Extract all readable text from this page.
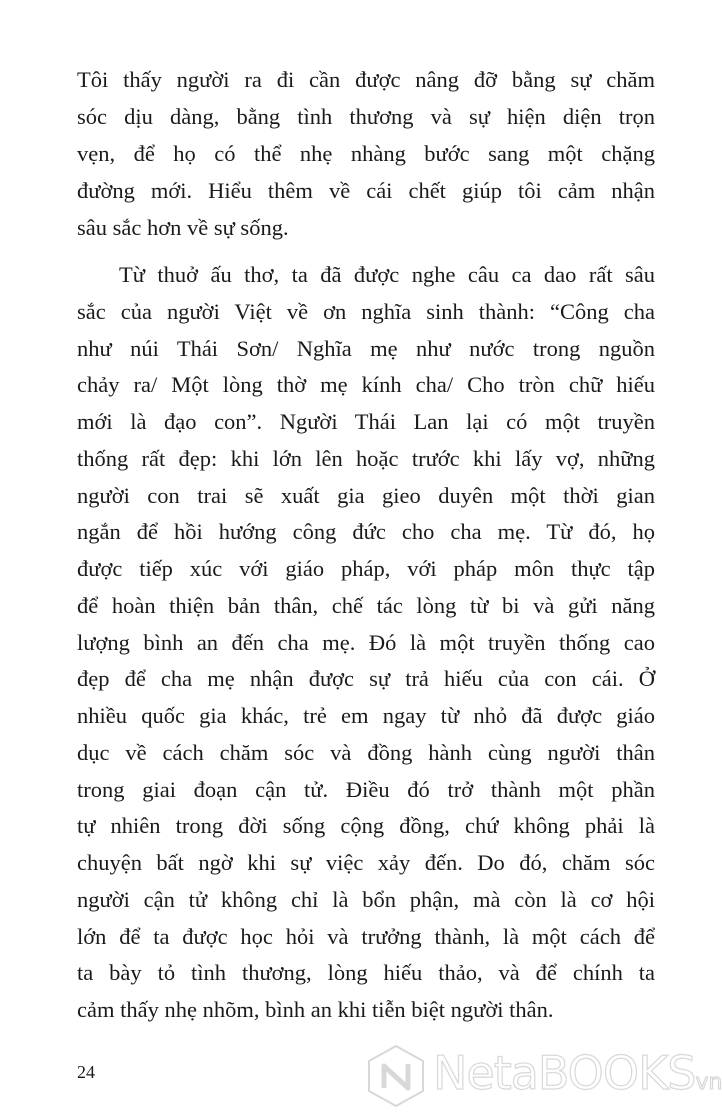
Tôi thấy người ra đi cần được nâng đỡ bằng sự chăm
sóc dịu dàng, bằng tình thương và sự hiện diện trọn
vẹn, để họ có thể nhẹ nhàng bước sang một chặng
đường mới. Hiểu thêm về cái chết giúp tôi cảm nhận
sâu sắc hơn về sự sống.
Từ thuở ấu thơ, ta đã được nghe câu ca dao rất sâu
sắc của người Việt về ơn nghĩa sinh thành: “Công cha
như núi Thái Sơn/ Nghĩa mẹ như nước trong nguồn
chảy ra/ Một lòng thờ mẹ kính cha/ Cho tròn chữ hiếu
mới là đạo con”. Người Thái Lan lại có một truyền
thống rất đẹp: khi lớn lên hoặc trước khi lấy vợ, những
người con trai sẽ xuất gia gieo duyên một thời gian
ngắn để hồi hướng công đức cho cha mẹ. Từ đó, họ
được tiếp xúc với giáo pháp, với pháp môn thực tập
để hoàn thiện bản thân, chế tác lòng từ bi và gửi năng
lượng bình an đến cha mẹ. Đó là một truyền thống cao
đẹp để cha mẹ nhận được sự trả hiếu của con cái. Ở
nhiều quốc gia khác, trẻ em ngay từ nhỏ đã được giáo
dục về cách chăm sóc và đồng hành cùng người thân
trong giai đoạn cận tử. Điều đó trở thành một phần
tự nhiên trong đời sống cộng đồng, chứ không phải là
chuyện bất ngờ khi sự việc xảy đến. Do đó, chăm sóc
người cận tử không chỉ là bổn phận, mà còn là cơ hội
lớn để ta được học hỏi và trưởng thành, là một cách để
ta bày tỏ tình thương, lòng hiếu thảo, và để chính ta
cảm thấy nhẹ nhõm, bình an khi tiễn biệt người thân.
24	NetaBOOKSvn
